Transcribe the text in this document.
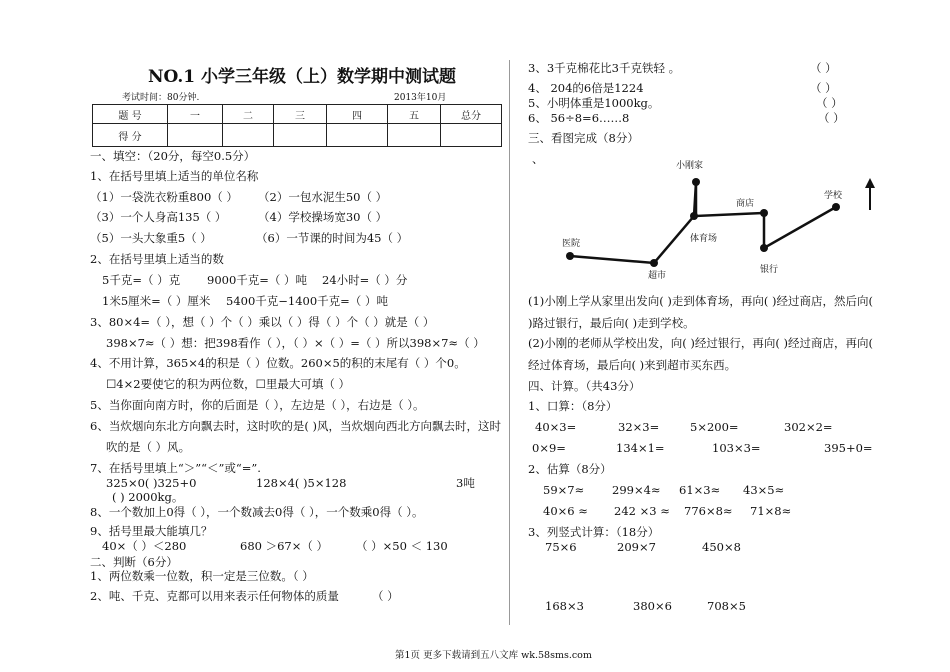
NO.1 小学三年级（上）数学期中测试题
考试时间：80分钟.	2013年10月
题 号	一	二	三	四	五	总分
得 分						
一、填空：（20分，每空0.5分）
1、在括号里填上适当的单位名称
（1）一袋洗衣粉重800（ ） （2）一包水泥生50（ ）
（3）一个人身高135（ ）	（4）学校操场宽30（ ）
（5）一头大象重5（ ）	（6）一节课的时间为45（ ）
2、在括号里填上适当的数
5千克=（ ）克 9000千克=（ ）吨 24小时=（ ）分
1米5厘米=（ ）厘米 5400千克−1400千克=（ ）吨
3、80×4=（ ），想（ ）个（ ）乘以（ ）得（ ）个（ ）就是（ ）
398×7≈（ ）想：把398看作（ ），（ ）×（ ）=（ ）所以398×7≈（ ）
4、不用计算，365×4的积是（ ）位数。260×5的积的末尾有（ ）个0。
☐4×2要使它的积为两位数，☐里最大可填（ ）
5、当你面向南方时，你的后面是（ ），左边是（ ），右边是（ ）。
6、当炊烟向东北方向飘去时，这时吹的是( )风，当炊烟向西北方向飘去时，这时
吹的是（ ）风。
7、在括号里填上“＞”“＜”或“=”.
325×0( )325+0	128×4( )5×128	3吨
( ) 2000kg。
8、一个数加上0得（ ），一个数减去0得（ ），一个数乘0得（ ）。
9、括号里最大能填几？
40×（ ）＜280	680 ＞67×（ ） （ ）×50 ＜ 130
二、判断（6分）
1、两位数乘一位数，积一定是三位数。（ ）
2、吨、千克、克都可以用来表示任何物体的质量	（ ）
3、3千克棉花比3千克铁轻 。	（ ）
4、 204的6倍是1224	（ ）
5、小明体重是1000kg。	（ ）
6、 56÷8=6……8	（ ）
三、看图完成（8分）
、	小刚家
商店
学校
医院	体育场
超市
银行
(1)小刚上学从家里出发向( )走到体育场，再向( )经过商店，然后向(
)路过银行，最后向( )走到学校。
(2)小刚的老师从学校出发，向( )经过银行，再向( )经过商店，再向(
经过体育场，最后向( )来到超市买东西。
四、计算。（共43分）
1、口算：（8分）
40×3=	32×3=	5×200=	302×2=
0×9=	134×1=	103×3=	395+0=
2、估算（8分）
59×7≈ 299×4≈ 61×3≈ 43×5≈
40×6 ≈ 242 ×3 ≈ 776×8≈ 71×8≈
3、列竖式计算：（18分）
75×6	209×7	450×8
168×3	380×6	708×5
第1页 更多下载请到五八文库 wk.58sms.com
